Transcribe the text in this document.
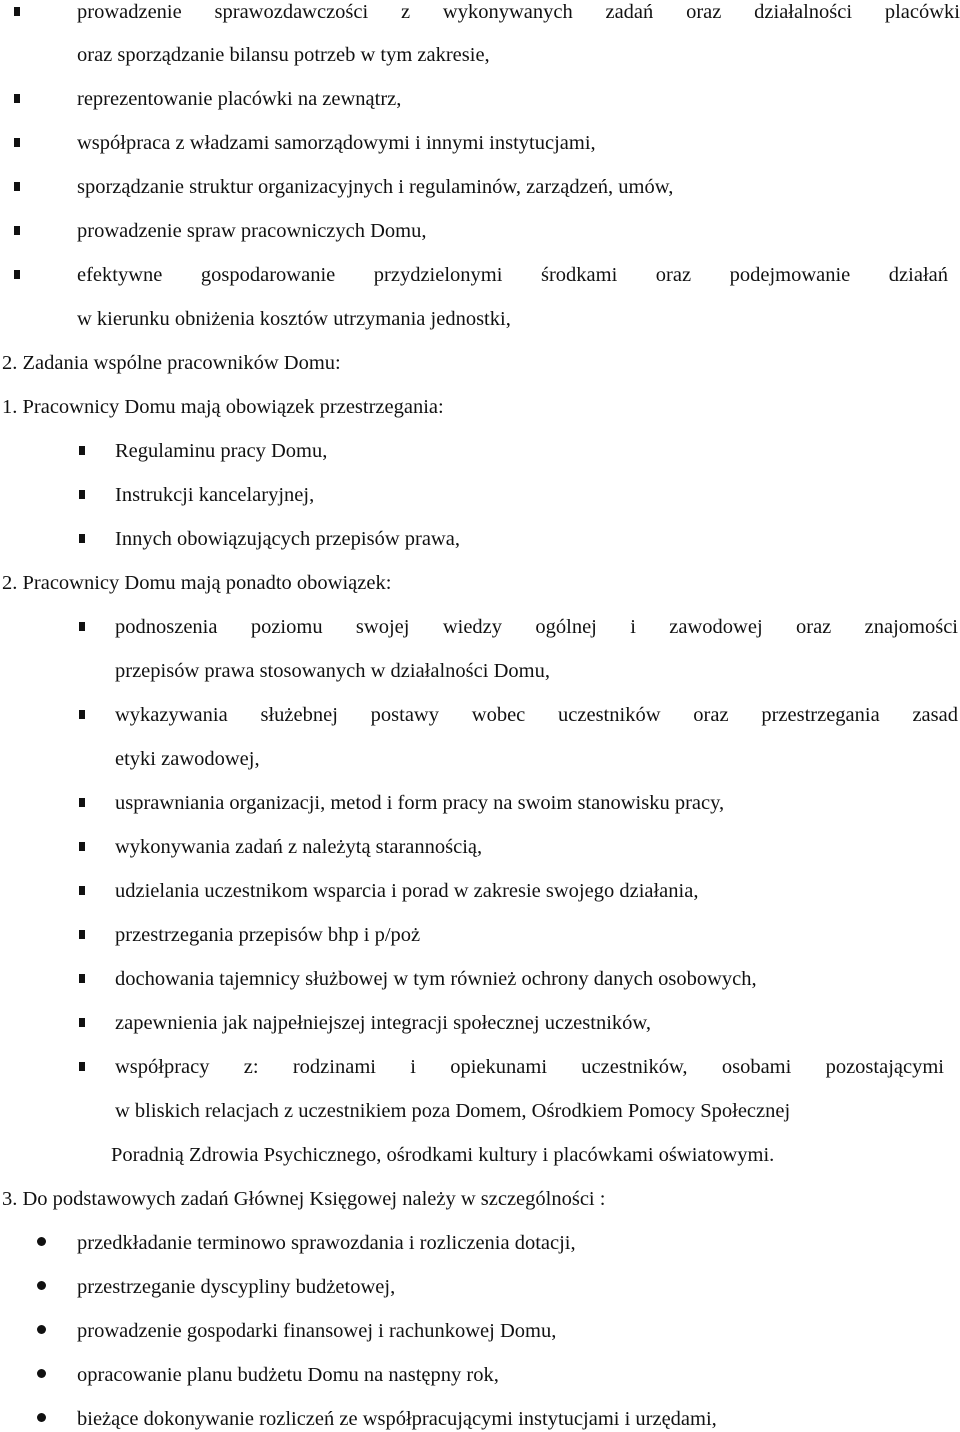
prowadzenie sprawozdawczości z wykonywanych zadań oraz działalności placówki
oraz sporządzanie bilansu potrzeb w tym zakresie,
reprezentowanie placówki na zewnątrz,
współpraca z władzami samorządowymi i innymi instytucjami,
sporządzanie struktur organizacyjnych i regulaminów, zarządzeń, umów,
prowadzenie spraw pracowniczych Domu,
efektywne gospodarowanie przydzielonymi środkami oraz podejmowanie działań
w kierunku obniżenia kosztów utrzymania jednostki,
2. Zadania wspólne pracowników Domu:
1. Pracownicy Domu mają obowiązek przestrzegania:
Regulaminu pracy Domu,
Instrukcji kancelaryjnej,
Innych obowiązujących przepisów prawa,
2. Pracownicy Domu mają ponadto obowiązek:
podnoszenia poziomu swojej wiedzy ogólnej i zawodowej oraz znajomości
przepisów prawa stosowanych w działalności Domu,
wykazywania służebnej postawy wobec uczestników oraz przestrzegania zasad
etyki zawodowej,
usprawniania organizacji, metod i form pracy na swoim stanowisku pracy,
wykonywania zadań z należytą starannością,
udzielania uczestnikom wsparcia i porad w zakresie swojego działania,
przestrzegania przepisów bhp i p/poż
dochowania tajemnicy służbowej w tym również ochrony danych osobowych,
zapewnienia jak najpełniejszej integracji społecznej uczestników,
współpracy z: rodzinami i opiekunami uczestników, osobami pozostającymi
w bliskich relacjach z uczestnikiem poza Domem, Ośrodkiem Pomocy Społecznej
Poradnią Zdrowia Psychicznego, ośrodkami kultury i placówkami oświatowymi.
3. Do podstawowych zadań Głównej Księgowej należy w szczególności :
przedkładanie terminowo sprawozdania i rozliczenia dotacji,
przestrzeganie dyscypliny budżetowej,
prowadzenie gospodarki finansowej i rachunkowej Domu,
opracowanie planu budżetu Domu na następny rok,
bieżące dokonywanie rozliczeń ze współpracującymi instytucjami i urzędami,
